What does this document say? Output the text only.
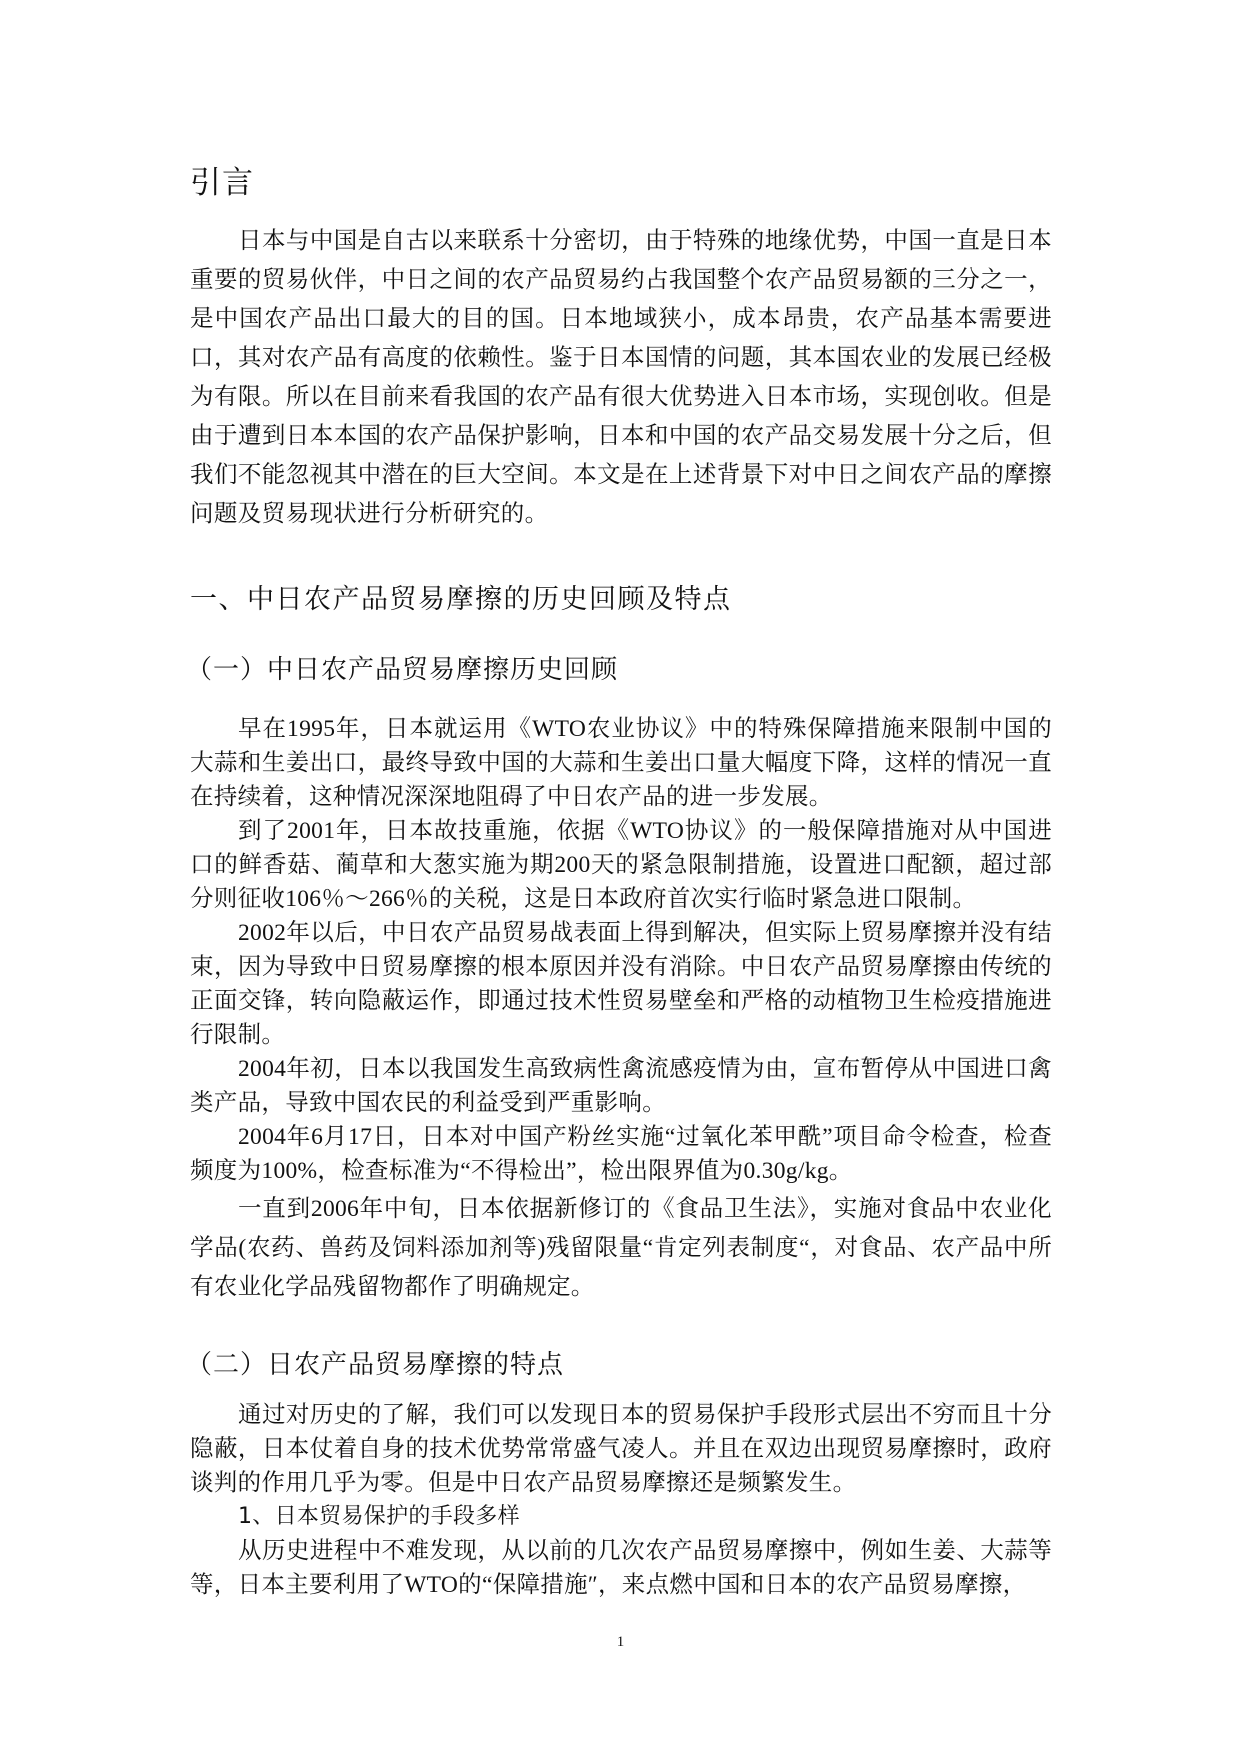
引言

日本与中国是自古以来联系十分密切，由于特殊的地缘优势，中国一直是日本重要的贸易伙伴，中日之间的农产品贸易约占我国整个农产品贸易额的三分之一，是中国农产品出口最大的目的国。日本地域狭小，成本昂贵，农产品基本需要进口，其对农产品有高度的依赖性。鉴于日本国情的问题，其本国农业的发展已经极为有限。所以在目前来看我国的农产品有很大优势进入日本市场，实现创收。但是由于遭到日本本国的农产品保护影响，日本和中国的农产品交易发展十分之后，但我们不能忽视其中潜在的巨大空间。本文是在上述背景下对中日之间农产品的摩擦问题及贸易现状进行分析研究的。

一、中日农产品贸易摩擦的历史回顾及特点
（一）中日农产品贸易摩擦历史回顾

早在1995年，日本就运用《WTO农业协议》中的特殊保障措施来限制中国的大蒜和生姜出口，最终导致中国的大蒜和生姜出口量大幅度下降，这样的情况一直在持续着，这种情况深深地阻碍了中日农产品的进一步发展。

到了2001年，日本故技重施，依据《WTO协议》的一般保障措施对从中国进口的鲜香菇、蔺草和大葱实施为期200天的紧急限制措施，设置进口配额，超过部分则征收106％～266％的关税，这是日本政府首次实行临时紧急进口限制。

2002年以后，中日农产品贸易战表面上得到解决，但实际上贸易摩擦并没有结束，因为导致中日贸易摩擦的根本原因并没有消除。中日农产品贸易摩擦由传统的正面交锋，转向隐蔽运作，即通过技术性贸易壁垒和严格的动植物卫生检疫措施进行限制。

2004年初，日本以我国发生高致病性禽流感疫情为由，宣布暂停从中国进口禽类产品，导致中国农民的利益受到严重影响。

2004年6月17日，日本对中国产粉丝实施“过氧化苯甲酰”项目命令检查，检查频度为100%，检查标准为“不得检出”，检出限界值为0.30g/kg。

一直到2006年中旬，日本依据新修订的《食品卫生法》，实施对食品中农业化学品(农药、兽药及饲料添加剂等)残留限量“肯定列表制度“，对食品、农产品中所有农业化学品残留物都作了明确规定。

（二）日农产品贸易摩擦的特点

通过对历史的了解，我们可以发现日本的贸易保护手段形式层出不穷而且十分隐蔽，日本仗着自身的技术优势常常盛气凌人。并且在双边出现贸易摩擦时，政府谈判的作用几乎为零。但是中日农产品贸易摩擦还是频繁发生。

1、日本贸易保护的手段多样

从历史进程中不难发现，从以前的几次农产品贸易摩擦中，例如生姜、大蒜等等，日本主要利用了WTO的“保障措施″，来点燃中国和日本的农产品贸易摩擦，

1
